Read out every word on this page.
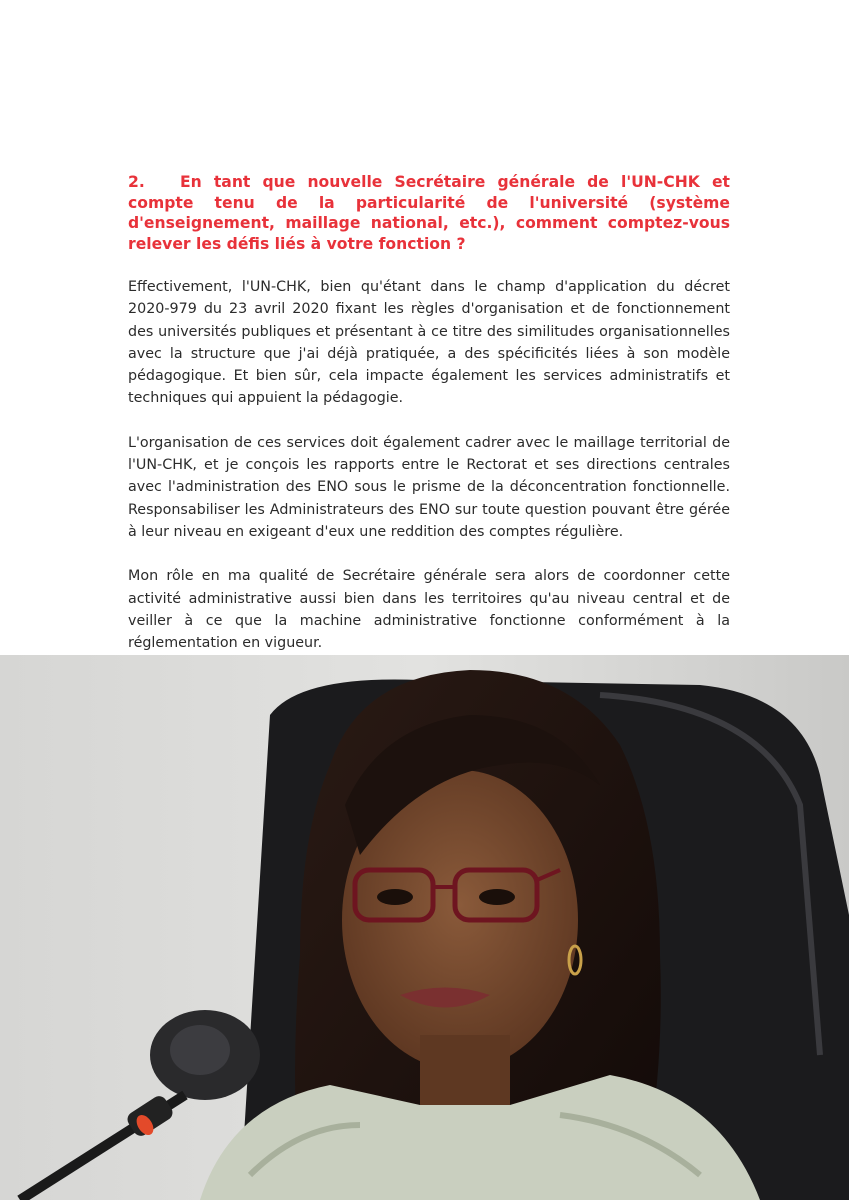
2. En tant que nouvelle Secrétaire générale de l'UN-CHK et compte tenu de la particularité de l'université (système d'enseignement, maillage national, etc.), comment comptez-vous relever les défis liés à votre fonction ?

Effectivement, l'UN-CHK, bien qu'étant dans le champ d'application du décret 2020-979 du 23 avril 2020 fixant les règles d'organisation et de fonctionnement des universités publiques et présentant à ce titre des similitudes organisationnelles avec la structure que j'ai déjà pratiquée, a des spécificités liées à son modèle pédagogique. Et bien sûr, cela impacte également les services administratifs et techniques qui appuient la pédagogie.

L'organisation de ces services doit également cadrer avec le maillage territorial de l'UN-CHK, et je conçois les rapports entre le Rectorat et ses directions centrales avec l'administration des ENO sous le prisme de la déconcentration fonctionnelle. Responsabiliser les Administrateurs des ENO sur toute question pouvant être gérée à leur niveau en exigeant d'eux une reddition des comptes régulière.

Mon rôle en ma qualité de Secrétaire générale sera alors de coordonner cette activité administrative aussi bien dans les territoires qu'au niveau central et de veiller à ce que la machine administrative fonctionne conformément à la réglementation en vigueur.
